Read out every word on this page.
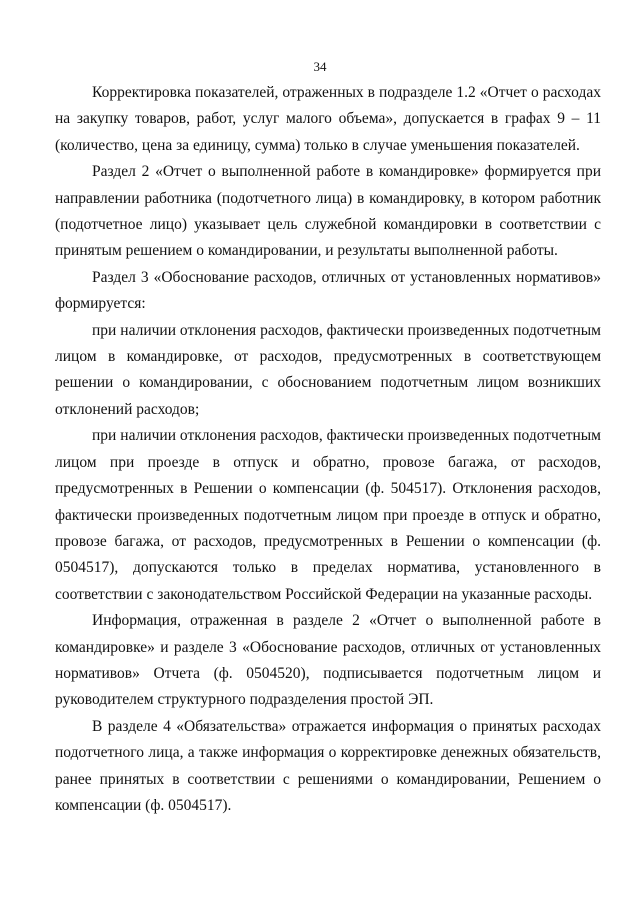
34

Корректировка показателей, отраженных в подразделе 1.2 «Отчет о расходах на закупку товаров, работ, услуг малого объема», допускается в графах 9 – 11 (количество, цена за единицу, сумма) только в случае уменьшения показателей.

Раздел 2 «Отчет о выполненной работе в командировке» формируется при направлении работника (подотчетного лица) в командировку, в котором работник (подотчетное лицо) указывает цель служебной командировки в соответствии с принятым решением о командировании, и результаты выполненной работы.

Раздел 3 «Обоснование расходов, отличных от установленных нормативов» формируется:

при наличии отклонения расходов, фактически произведенных подотчетным лицом в командировке, от расходов, предусмотренных в соответствующем решении о командировании, с обоснованием подотчетным лицом возникших отклонений расходов;

при наличии отклонения расходов, фактически произведенных подотчетным лицом при проезде в отпуск и обратно, провозе багажа, от расходов, предусмотренных в Решении о компенсации (ф. 504517). Отклонения расходов, фактически произведенных подотчетным лицом при проезде в отпуск и обратно, провозе багажа, от расходов, предусмотренных в Решении о компенсации (ф. 0504517), допускаются только в пределах норматива, установленного в соответствии с законодательством Российской Федерации на указанные расходы.

Информация, отраженная в разделе 2 «Отчет о выполненной работе в командировке» и разделе 3 «Обоснование расходов, отличных от установленных нормативов» Отчета (ф. 0504520), подписывается подотчетным лицом и руководителем структурного подразделения простой ЭП.

В разделе 4 «Обязательства» отражается информация о принятых расходах подотчетного лица, а также информация о корректировке денежных обязательств, ранее принятых в соответствии с решениями о командировании, Решением о компенсации (ф. 0504517).
